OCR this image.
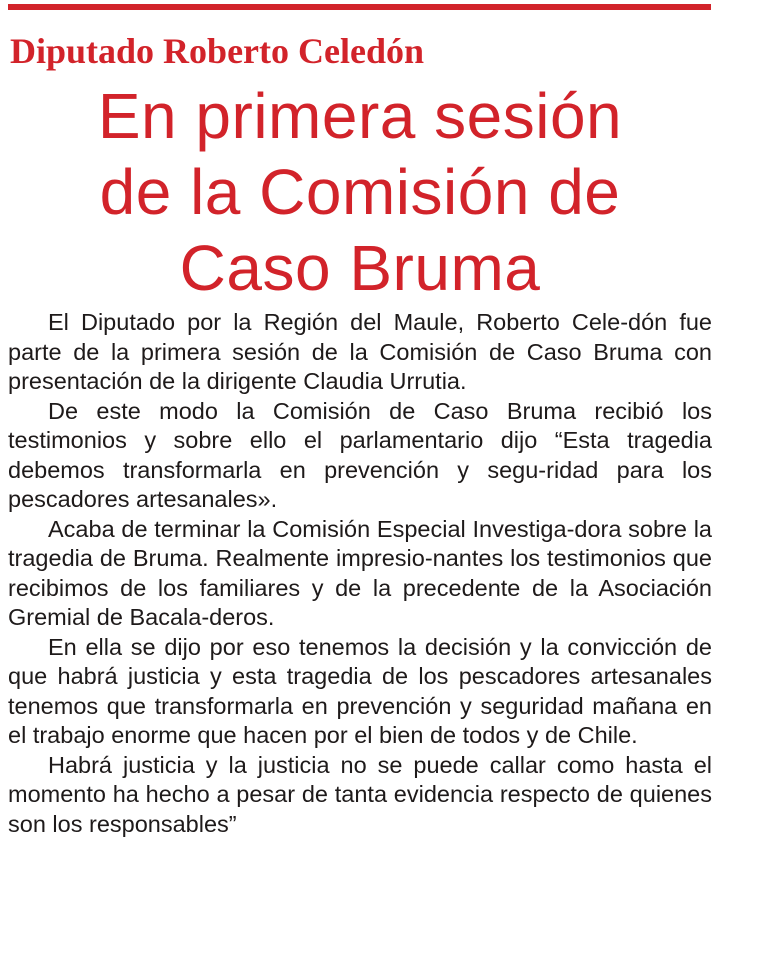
Diputado Roberto Celedón
En primera sesión
de la Comisión de
Caso Bruma

El Diputado por la Región del Maule, Roberto Cele-dón fue parte de la primera sesión de la Comisión de Caso Bruma con presentación de la dirigente Claudia Urrutia.

De este modo la Comisión de Caso Bruma recibió los testimonios y sobre ello el parlamentario dijo “Esta tragedia debemos transformarla en prevención y segu-ridad para los pescadores artesanales».

Acaba de terminar la Comisión Especial Investiga-dora sobre la tragedia de Bruma. Realmente impresio-nantes los testimonios que recibimos de los familiares y de la precedente de la Asociación Gremial de Bacala-deros.

En ella se dijo por eso tenemos la decisión y la convicción de que habrá justicia y esta tragedia de los pescadores artesanales tenemos que transformarla en prevención y seguridad mañana en el trabajo enorme que hacen por el bien de todos y de Chile.

Habrá justicia y la justicia no se puede callar como hasta el momento ha hecho a pesar de tanta evidencia respecto de quienes son los responsables”
